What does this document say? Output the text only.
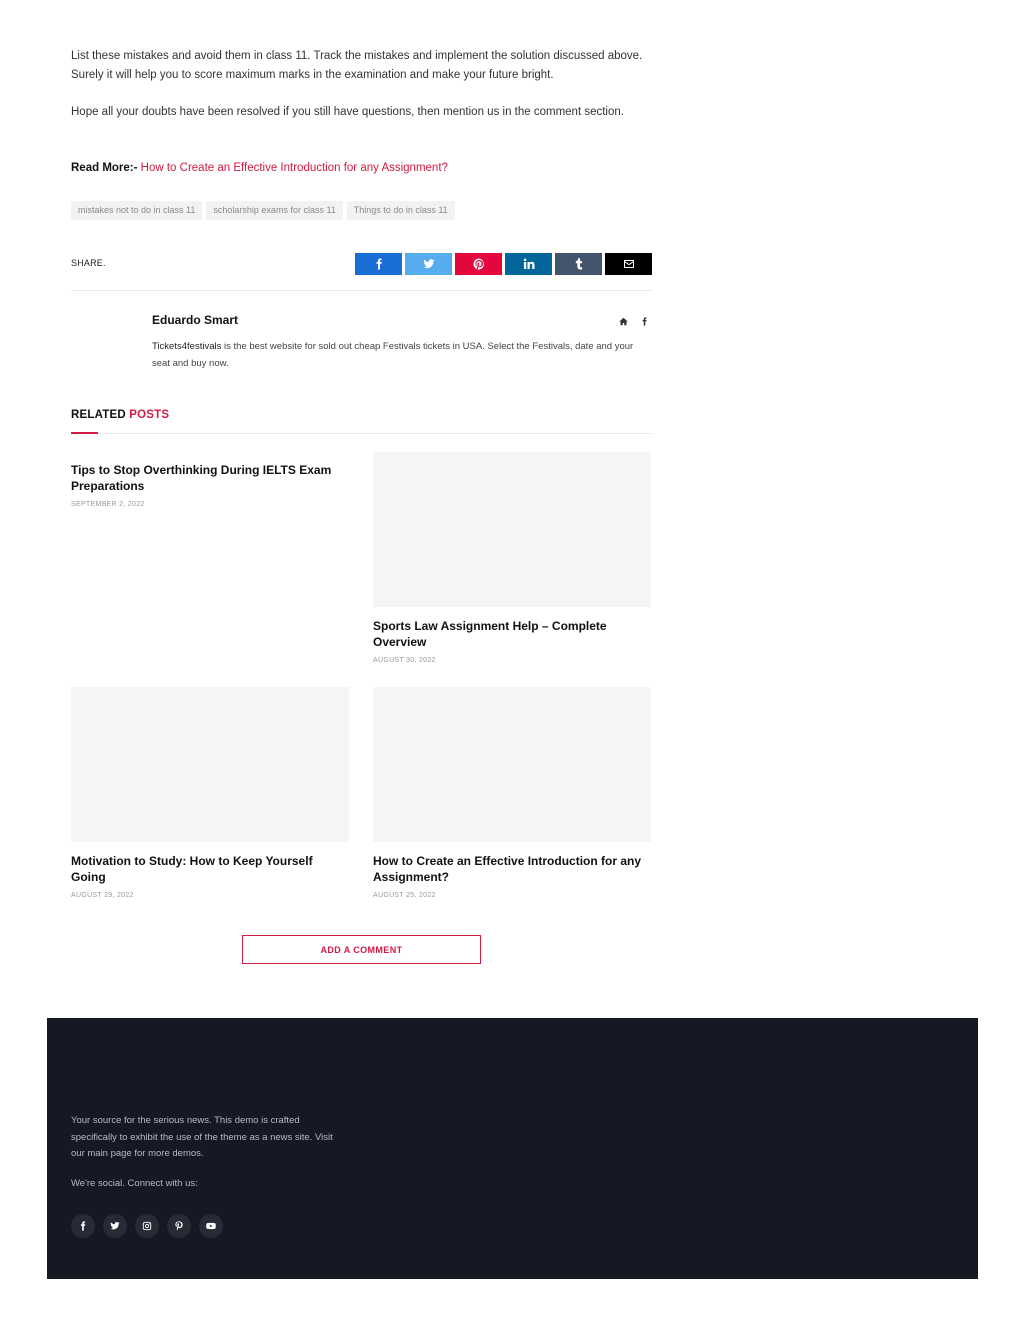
List these mistakes and avoid them in class 11. Track the mistakes and implement the solution discussed above. Surely it will help you to score maximum marks in the examination and make your future bright.

Hope all your doubts have been resolved if you still have questions, then mention us in the comment section.

Read More:- How to Create an Effective Introduction for any Assignment?
mistakes not to do in class 11	scholarship exams for class 11	Things to do in class 11
SHARE.
Eduardo Smart
Tickets4festivals is the best website for sold out cheap Festivals tickets in USA. Select the Festivals, date and your seat and buy now.
RELATED POSTS
Tips to Stop Overthinking During IELTS Exam Preparations
SEPTEMBER 2, 2022
Sports Law Assignment Help – Complete Overview
AUGUST 30, 2022
Motivation to Study: How to Keep Yourself Going
AUGUST 29, 2022
How to Create an Effective Introduction for any Assignment?
AUGUST 25, 2022
ADD A COMMENT

Your source for the serious news. This demo is crafted specifically to exhibit the use of the theme as a news site. Visit our main page for more demos.

We're social. Connect with us:
